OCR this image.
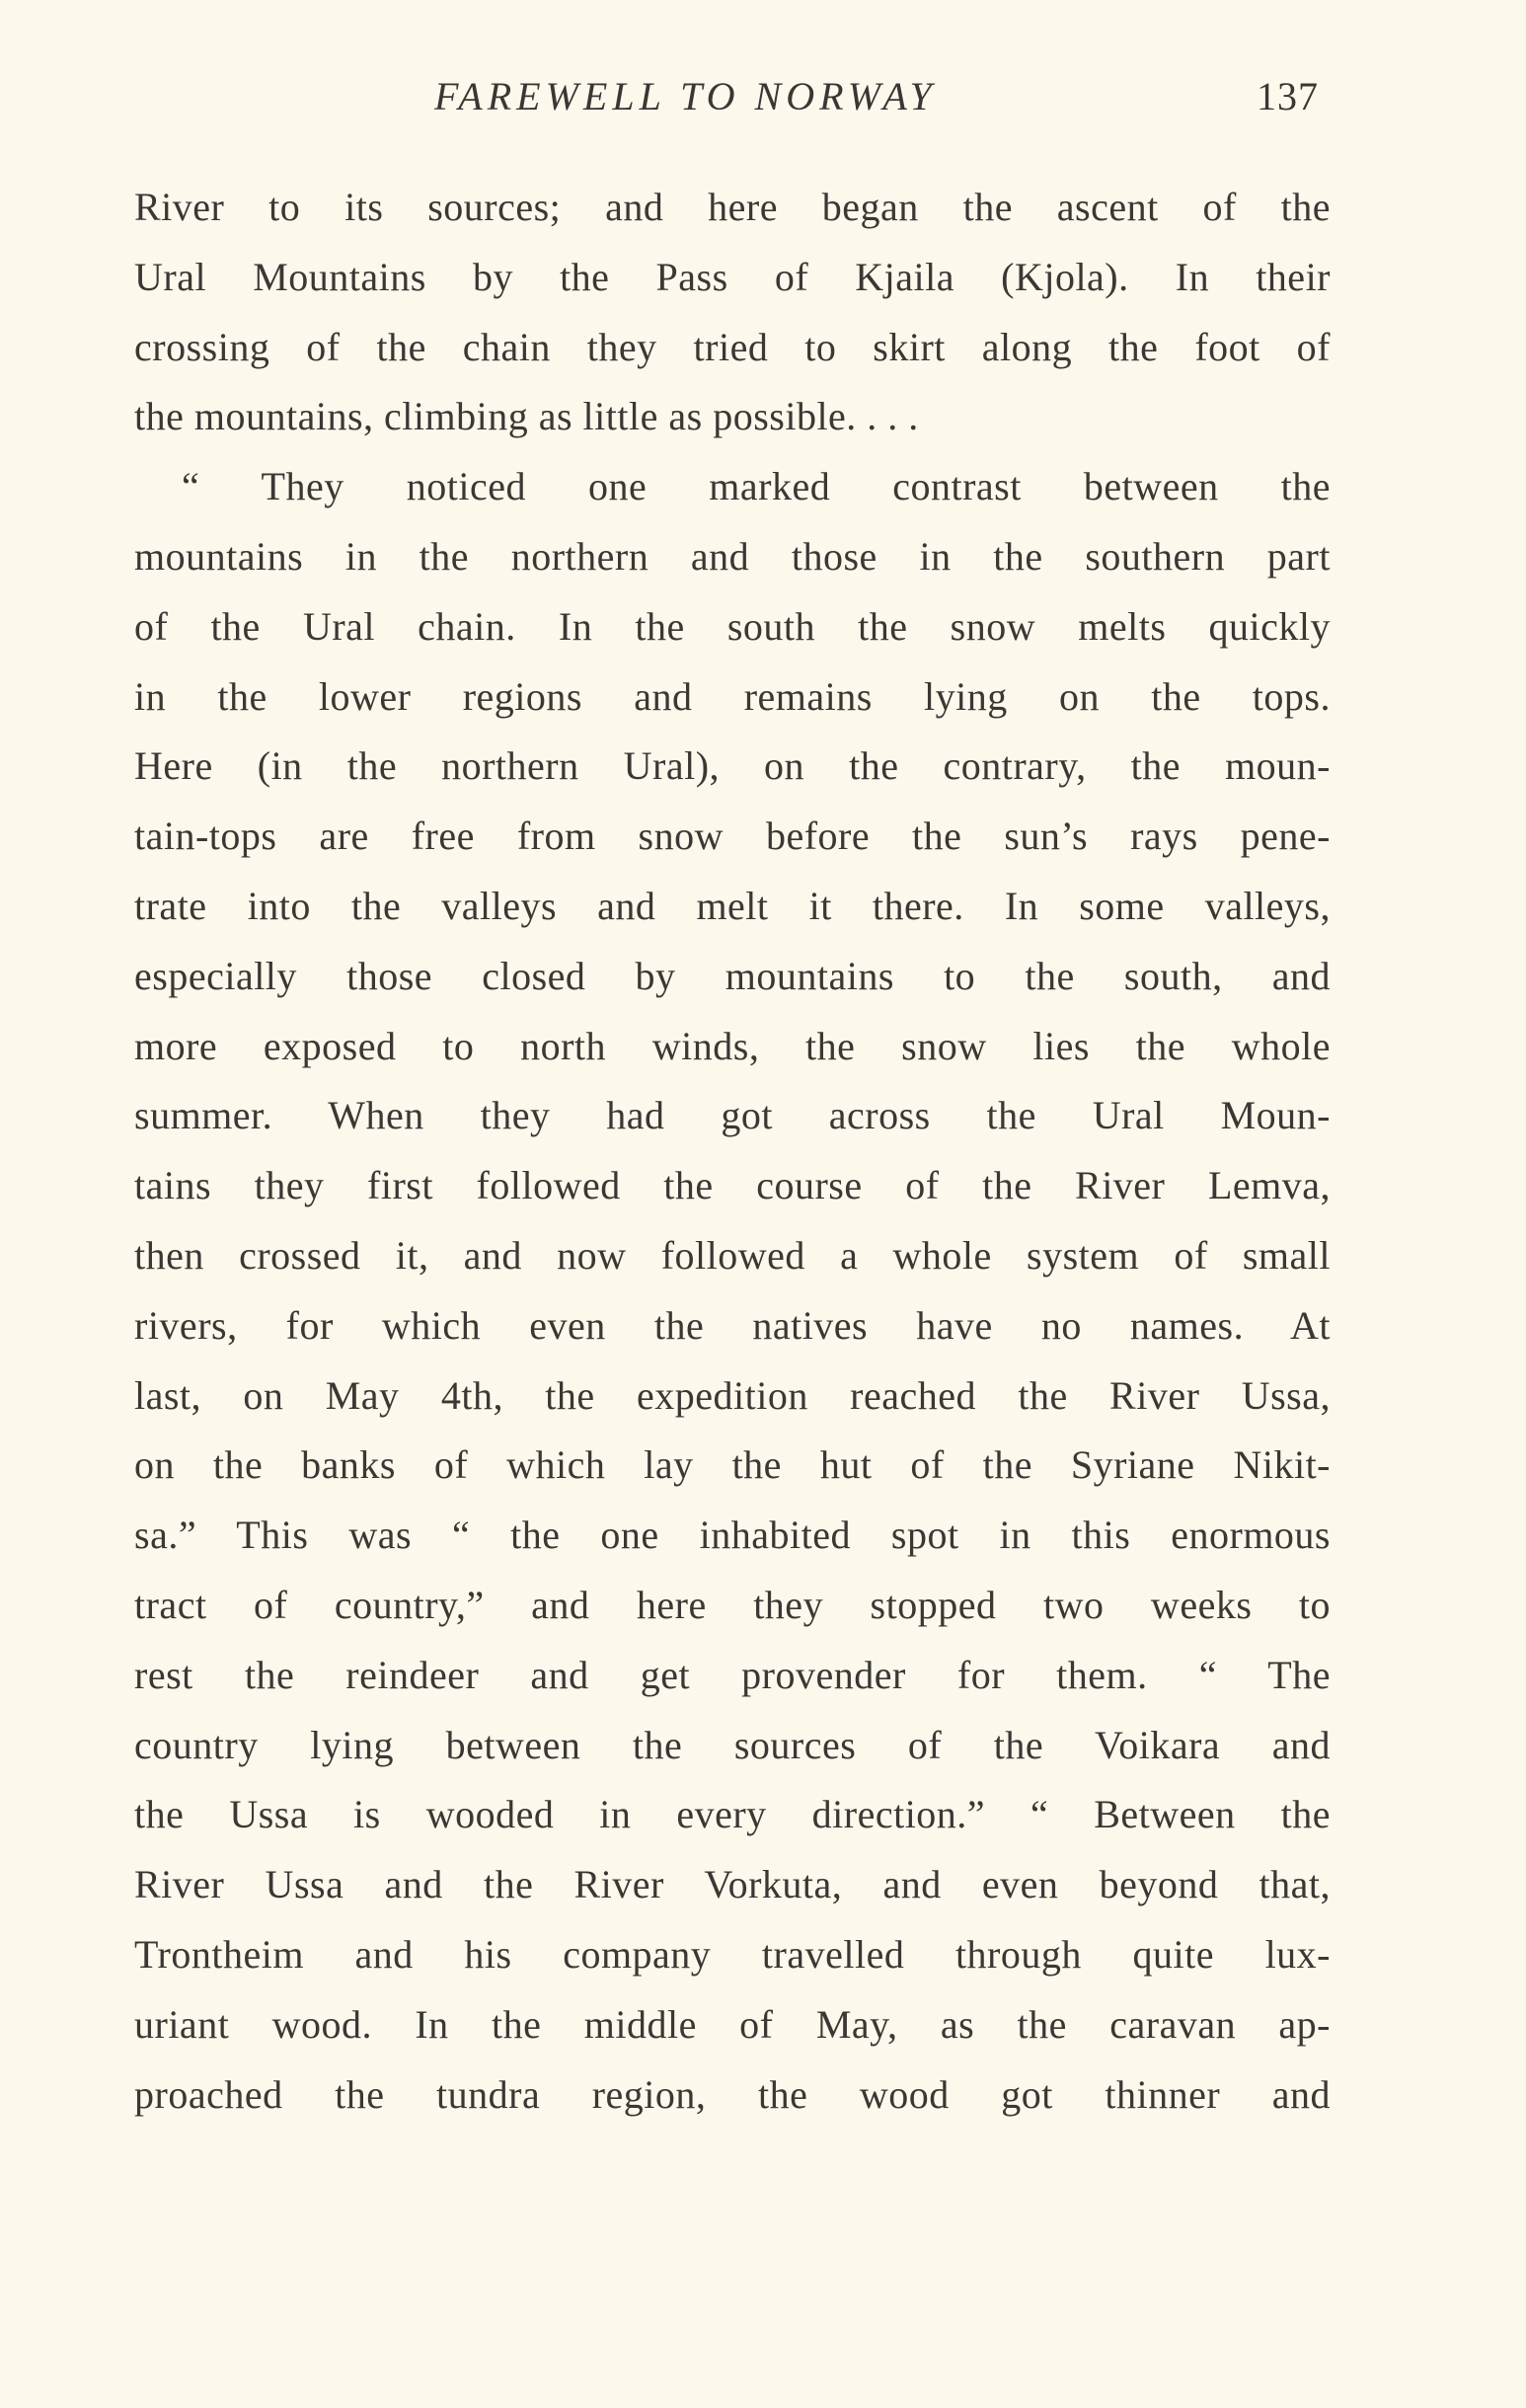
FAREWELL TO NORWAY	137
River to its sources; and here began the ascent of the
Ural Mountains by the Pass of Kjaila (Kjola). In their
crossing of the chain they tried to skirt along the foot of
the mountains, climbing as little as possible. . . .
“ They noticed one marked contrast between the
mountains in the northern and those in the southern part
of the Ural chain. In the south the snow melts quickly
in the lower regions and remains lying on the tops.
Here (in the northern Ural), on the contrary, the moun-
tain-tops are free from snow before the sun’s rays pene-
trate into the valleys and melt it there. In some valleys,
especially those closed by mountains to the south, and
more exposed to north winds, the snow lies the whole
summer. When they had got across the Ural Moun-
tains they first followed the course of the River Lemva,
then crossed it, and now followed a whole system of small
rivers, for which even the natives have no names. At
last, on May 4th, the expedition reached the River Ussa,
on the banks of which lay the hut of the Syriane Nikit-
sa.” This was “ the one inhabited spot in this enormous
tract of country,” and here they stopped two weeks to
rest the reindeer and get provender for them. “ The
country lying between the sources of the Voikara and
the Ussa is wooded in every direction.” “ Between the
River Ussa and the River Vorkuta, and even beyond that,
Trontheim and his company travelled through quite lux-
uriant wood. In the middle of May, as the caravan ap-
proached the tundra region, the wood got thinner and
